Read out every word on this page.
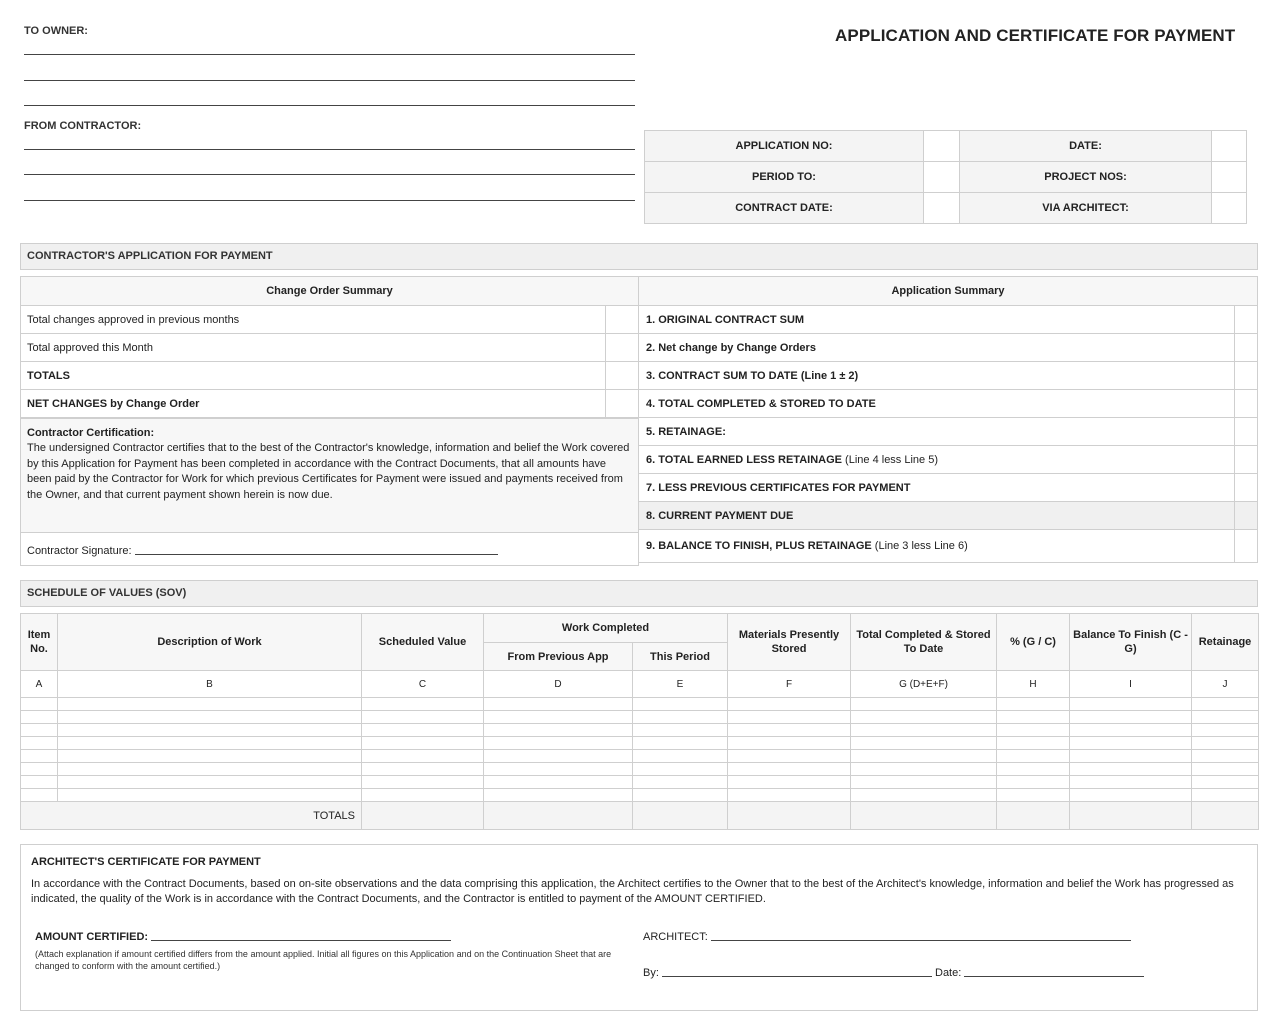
TO OWNER:	APPLICATION AND CERTIFICATE FOR PAYMENT
FROM CONTRACTOR:
APPLICATION NO:		DATE:	
PERIOD TO:		PROJECT NOS:	
CONTRACT DATE:		VIA ARCHITECT:	
CONTRACTOR'S APPLICATION FOR PAYMENT
Change Order Summary	
Total changes approved in previous months	
Total approved this Month	
TOTALS	
NET CHANGES by Change Order	
Contractor Certification:
The undersigned Contractor certifies that to the best of the Contractor's knowledge, information and belief the Work covered by this Application for Payment has been completed in accordance with the Contract Documents, that all amounts have been paid by the Contractor for Work for which previous Certificates for Payment were issued and payments received from the Owner, and that current payment shown herein is now due.
Contractor Signature:
Application Summary	
1. ORIGINAL CONTRACT SUM	
2. Net change by Change Orders	
3. CONTRACT SUM TO DATE (Line 1 ± 2)	
4. TOTAL COMPLETED & STORED TO DATE	
5. RETAINAGE:	
6. TOTAL EARNED LESS RETAINAGE (Line 4 less Line 5)	
7. LESS PREVIOUS CERTIFICATES FOR PAYMENT	
8. CURRENT PAYMENT DUE	
9. BALANCE TO FINISH, PLUS RETAINAGE (Line 3 less Line 6)	
SCHEDULE OF VALUES (SOV)
Item No.	Description of Work	Scheduled Value	Work Completed		Materials Presently Stored	Total Completed & Stored To Date	% (G / C)	Balance To Finish (C - G)	Retainage
			From Previous App	This Period					
A	B	C	D	E	F	G (D+E+F)	H	I	J

TOTALS									
ARCHITECT'S CERTIFICATE FOR PAYMENT
In accordance with the Contract Documents, based on on-site observations and the data comprising this application, the Architect certifies to the Owner that to the best of the Architect's knowledge, information and belief the Work has progressed as indicated, the quality of the Work is in accordance with the Contract Documents, and the Contractor is entitled to payment of the AMOUNT CERTIFIED.
AMOUNT CERTIFIED:
(Attach explanation if amount certified differs from the amount applied. Initial all figures on this Application and on the Continuation Sheet that are changed to conform with the amount certified.)
ARCHITECT:
By:	Date:
